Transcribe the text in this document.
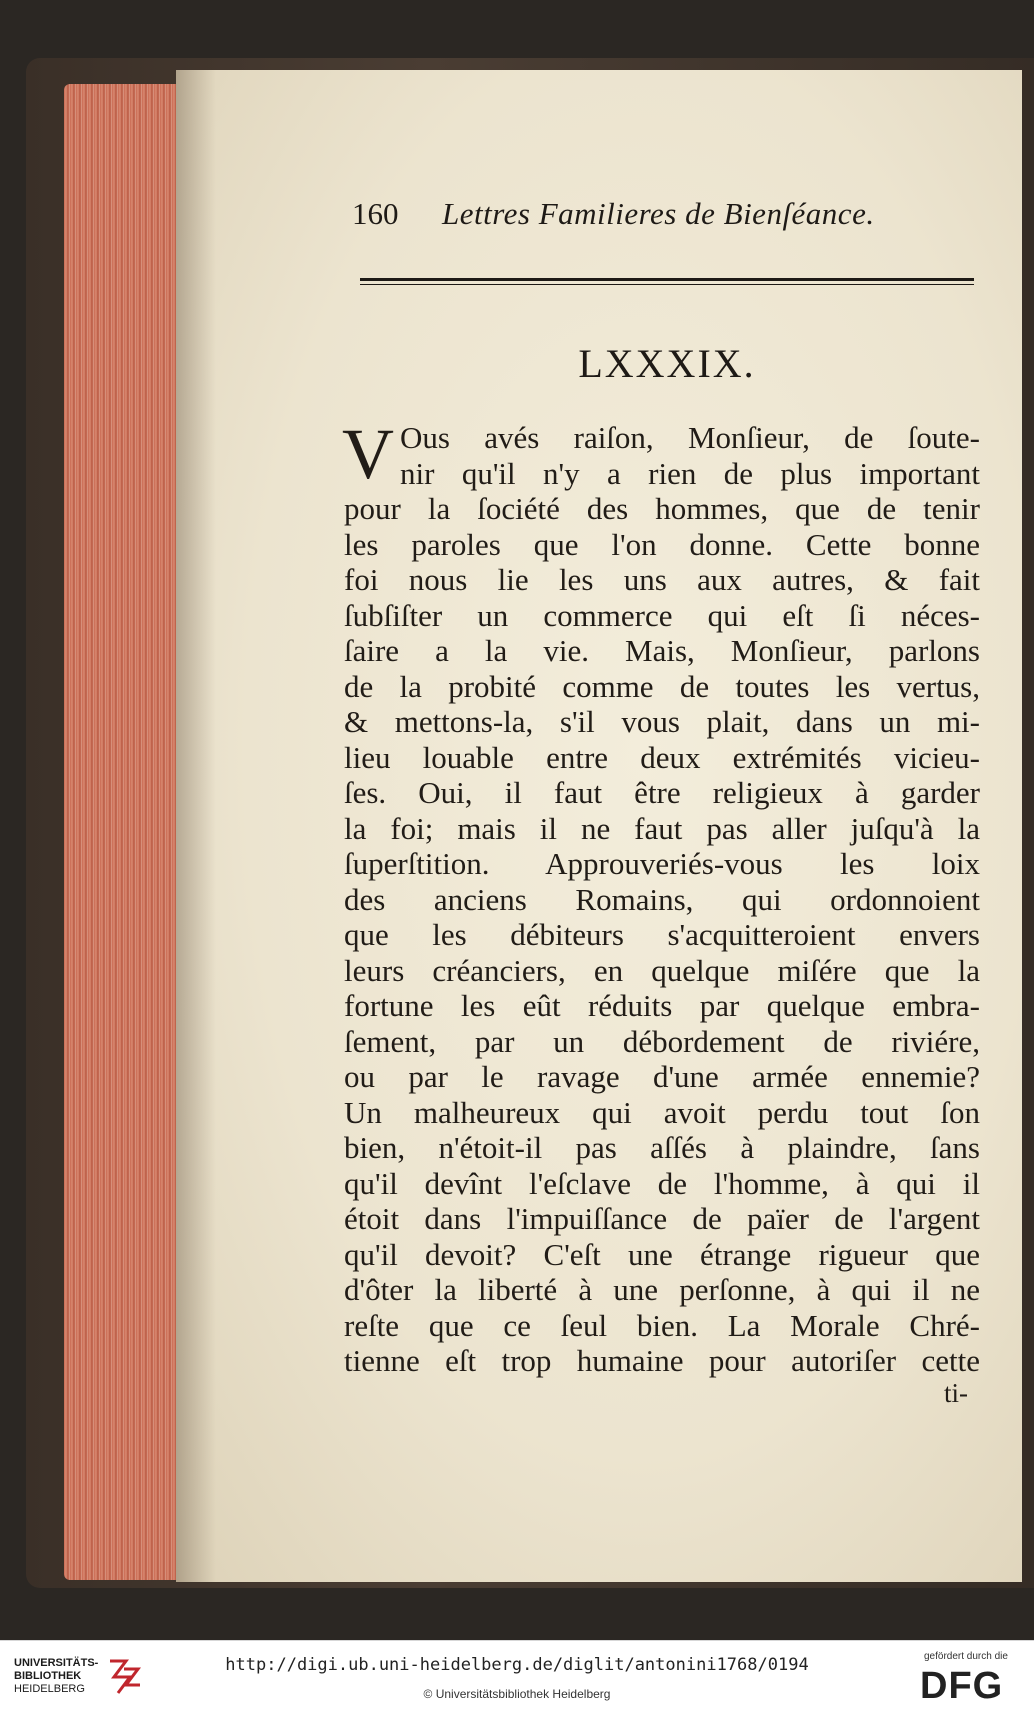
160 Lettres Familieres de Bienſéance.
LXXXIX.
V Ous avés raiſon, Monſieur, de ſoute-
nir qu'il n'y a rien de plus important
pour la ſociété des hommes, que de tenir
les paroles que l'on donne. Cette bonne
foi nous lie les uns aux autres, & fait
ſubſiſter un commerce qui eſt ſi néces-
ſaire a la vie. Mais, Monſieur, parlons
de la probité comme de toutes les vertus,
& mettons-la, s'il vous plait, dans un mi-
lieu louable entre deux extrémités vicieu-
ſes. Oui, il faut être religieux à garder
la foi; mais il ne faut pas aller juſqu'à la
ſuperſtition. Approuveriés-vous les loix
des anciens Romains, qui ordonnoient
que les débiteurs s'acquitteroient envers
leurs créanciers, en quelque miſére que la
fortune les eût réduits par quelque embra-
ſement, par un débordement de riviére,
ou par le ravage d'une armée ennemie?
Un malheureux qui avoit perdu tout ſon
bien, n'étoit-il pas aſſés à plaindre, ſans
qu'il devînt l'eſclave de l'homme, à qui il
étoit dans l'impuiſſance de païer de l'argent
qu'il devoit? C'eſt une étrange rigueur que
d'ôter la liberté à une perſonne, à qui il ne
reſte que ce ſeul bien. La Morale Chré-
tienne eſt trop humaine pour autoriſer cette
ti-
UNIVERSITÄTS-
BIBLIOTHEK
HEIDELBERG
http://digi.ub.uni-heidelberg.de/diglit/antonini1768/0194
© Universitätsbibliothek Heidelberg
gefördert durch die
DFG
